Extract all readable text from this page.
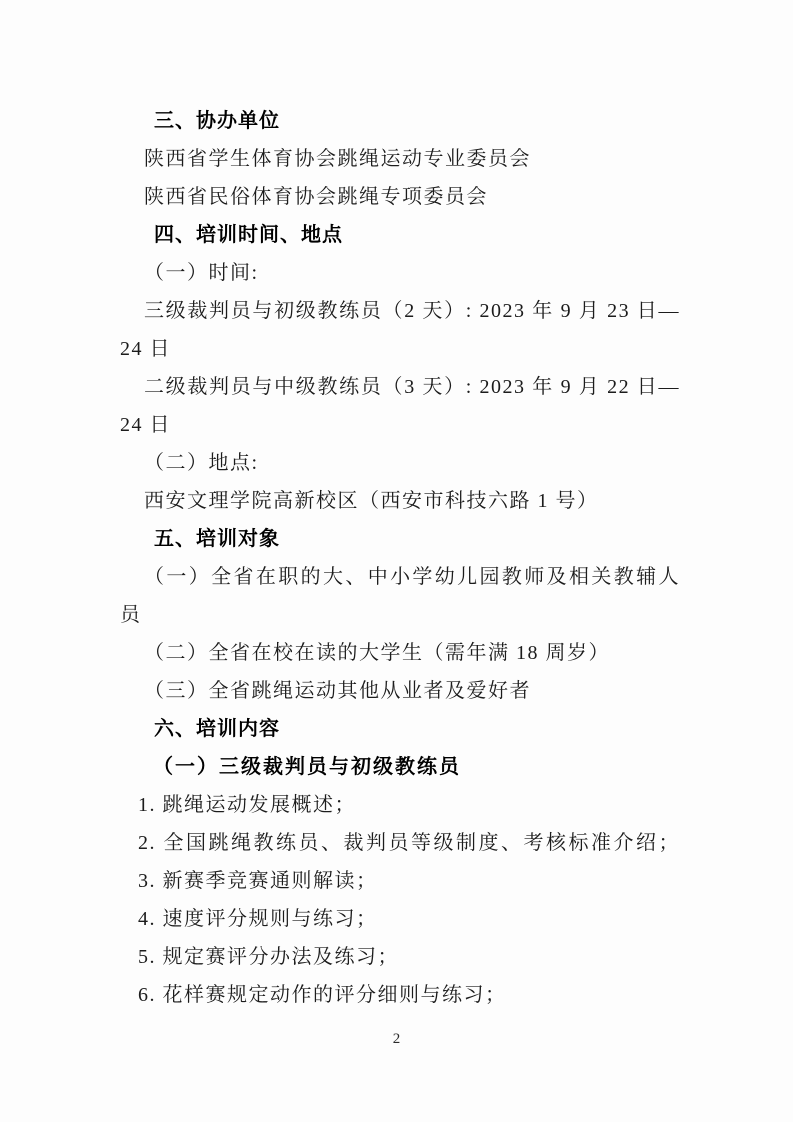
三、协办单位
陕西省学生体育协会跳绳运动专业委员会
陕西省民俗体育协会跳绳专项委员会
四、培训时间、地点
（一）时间:
三级裁判员与初级教练员（2 天）: 2023 年 9 月 23 日—
24 日
二级裁判员与中级教练员（3 天）: 2023 年 9 月 22 日—
24 日
（二）地点:
西安文理学院高新校区（西安市科技六路 1 号）
五、培训对象
（一）全省在职的大、中小学幼儿园教师及相关教辅人
员
（二）全省在校在读的大学生（需年满 18 周岁）
（三）全省跳绳运动其他从业者及爱好者
六、培训内容
（一）三级裁判员与初级教练员
1. 跳绳运动发展概述；
2. 全国跳绳教练员、裁判员等级制度、考核标准介绍；
3. 新赛季竞赛通则解读；
4. 速度评分规则与练习；
5. 规定赛评分办法及练习；
6. 花样赛规定动作的评分细则与练习；
2
